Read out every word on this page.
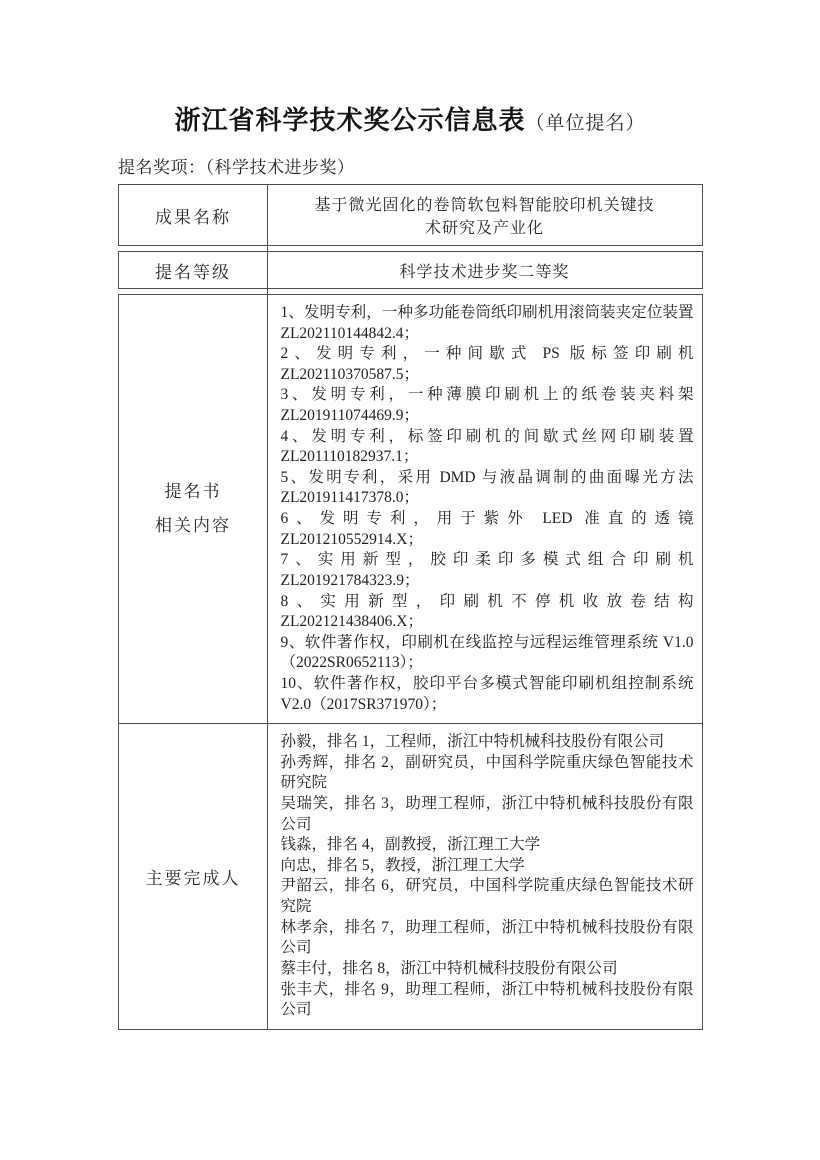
浙江省科学技术奖公示信息表（单位提名）
提名奖项：（科学技术进步奖）
成果名称
基于微光固化的卷筒软包料智能胶印机关键技术研究及产业化
提名等级	科学技术进步奖二等奖
提名书
相关内容
1、发明专利，一种多功能卷筒纸印刷机用滚筒装夹定位装置 ZL202110144842.4；
2、发明专利，一种间歇式 PS 版标签印刷机 ZL202110370587.5；
3、发明专利，一种薄膜印刷机上的纸卷装夹料架 ZL201911074469.9；
4、发明专利，标签印刷机的间歇式丝网印刷装置 ZL201110182937.1；
5、发明专利，采用 DMD 与液晶调制的曲面曝光方法 ZL201911417378.0；
6、发明专利，用于紫外 LED 准直的透镜 ZL201210552914.X；
7、实用新型，胶印柔印多模式组合印刷机 ZL201921784323.9；
8、实用新型，印刷机不停机收放卷结构 ZL202121438406.X；
9、软件著作权，印刷机在线监控与远程运维管理系统 V1.0（2022SR0652113）；
10、软件著作权，胶印平台多模式智能印刷机组控制系统 V2.0（2017SR371970）；
主要完成人
孙毅，排名 1，工程师，浙江中特机械科技股份有限公司
孙秀辉，排名 2，副研究员，中国科学院重庆绿色智能技术研究院
吴瑞笑，排名 3，助理工程师，浙江中特机械科技股份有限公司
钱淼，排名 4，副教授，浙江理工大学
向忠，排名 5，教授，浙江理工大学
尹韶云，排名 6，研究员，中国科学院重庆绿色智能技术研究院
林孝余，排名 7，助理工程师，浙江中特机械科技股份有限公司
蔡丰付，排名 8，浙江中特机械科技股份有限公司
张丰犬，排名 9，助理工程师，浙江中特机械科技股份有限公司
